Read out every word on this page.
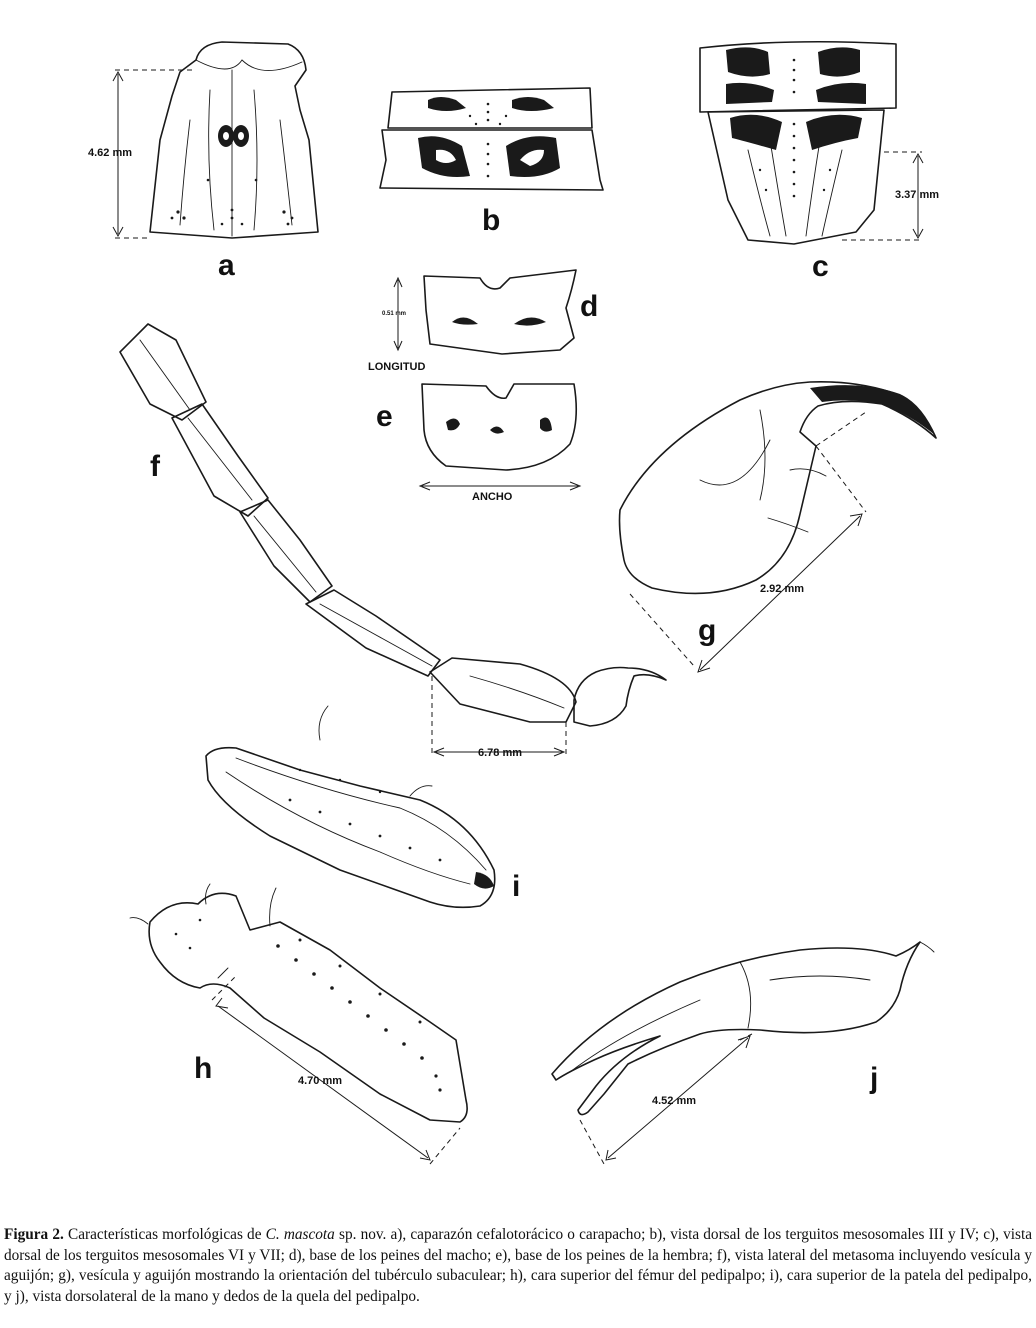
4.62 mm
a
b
3.37 mm
c
0.51 mm
LONGITUD
d
ANCHO
e
6.78 mm
f
2.92 mm
g
i
4.70 mm
h
4.52 mm
j

Figura 2. Características morfológicas de C. mascota sp. nov. a), caparazón cefalotorácico o carapacho; b), vista dorsal de los terguitos mesosomales III y IV; c), vista dorsal de los terguitos mesosomales VI y VII; d), base de los peines del macho; e), base de los peines de la hembra; f), vista lateral del metasoma incluyendo vesícula y aguijón; g), vesícula y aguijón mostrando la orientación del tubérculo subaculear; h), cara superior del fémur del pedipalpo; i), cara superior de la patela del pedipalpo, y j), vista dorsolateral de la mano y dedos de la quela del pedipalpo.
